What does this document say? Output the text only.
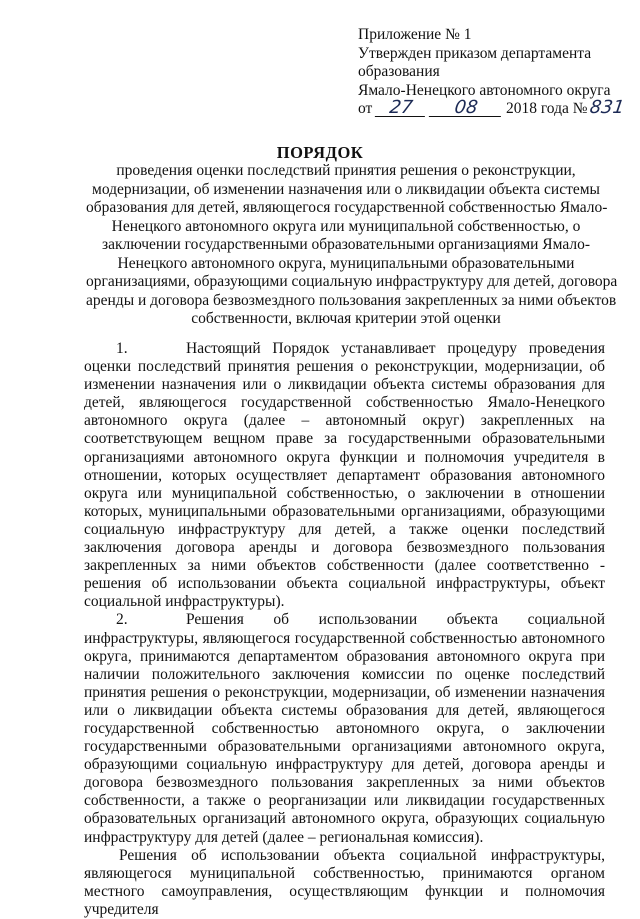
Приложение № 1
Утвержден приказом департамента
образования
Ямало-Ненецкого автономного округа
от 27 08 2018 года №831
ПОРЯДОК
проведения оценки последствий принятия решения о реконструкции,
модернизации, об изменении назначения или о ликвидации объекта системы
образования для детей, являющегося государственной собственностью Ямало-
Ненецкого автономного округа или муниципальной собственностью, о
заключении государственными образовательными организациями Ямало-
Ненецкого автономного округа, муниципальными образовательными
организациями, образующими социальную инфраструктуру для детей, договора
аренды и договора безвозмездного пользования закрепленных за ними объектов
собственности, включая критерии этой оценки

1.	Настоящий Порядок устанавливает процедуру проведения оценки последствий принятия решения о реконструкции, модернизации, об изменении назначения или о ликвидации объекта системы образования для детей, являющегося государственной собственностью Ямало-Ненецкого автономного округа (далее – автономный округ) закрепленных на соответствующем вещном праве за государственными образовательными организациями автономного округа функции и полномочия учредителя в отношении, которых осуществляет департамент образования автономного округа или муниципальной собственностью, о заключении в отношении которых, муниципальными образовательными организациями, образующими социальную инфраструктуру для детей, а также оценки последствий заключения договора аренды и договора безвозмездного пользования закрепленных за ними объектов собственности (далее соответственно - решения об использовании объекта социальной инфраструктуры, объект социальной инфраструктуры).

2.	Решения об использовании объекта социальной инфраструктуры, являющегося государственной собственностью автономного округа, принимаются департаментом образования автономного округа при наличии положительного заключения комиссии по оценке последствий принятия решения о реконструкции, модернизации, об изменении назначения или о ликвидации объекта системы образования для детей, являющегося государственной собственностью автономного округа, о заключении государственными образовательными организациями автономного округа, образующими социальную инфраструктуру для детей, договора аренды и договора безвозмездного пользования закрепленных за ними объектов собственности, а также о реорганизации или ликвидации государственных образовательных организаций автономного округа, образующих социальную инфраструктуру для детей (далее – региональная комиссия).

Решения об использовании объекта социальной инфраструктуры, являющегося муниципальной собственностью, принимаются органом местного самоуправления, осуществляющим функции и полномочия учредителя
